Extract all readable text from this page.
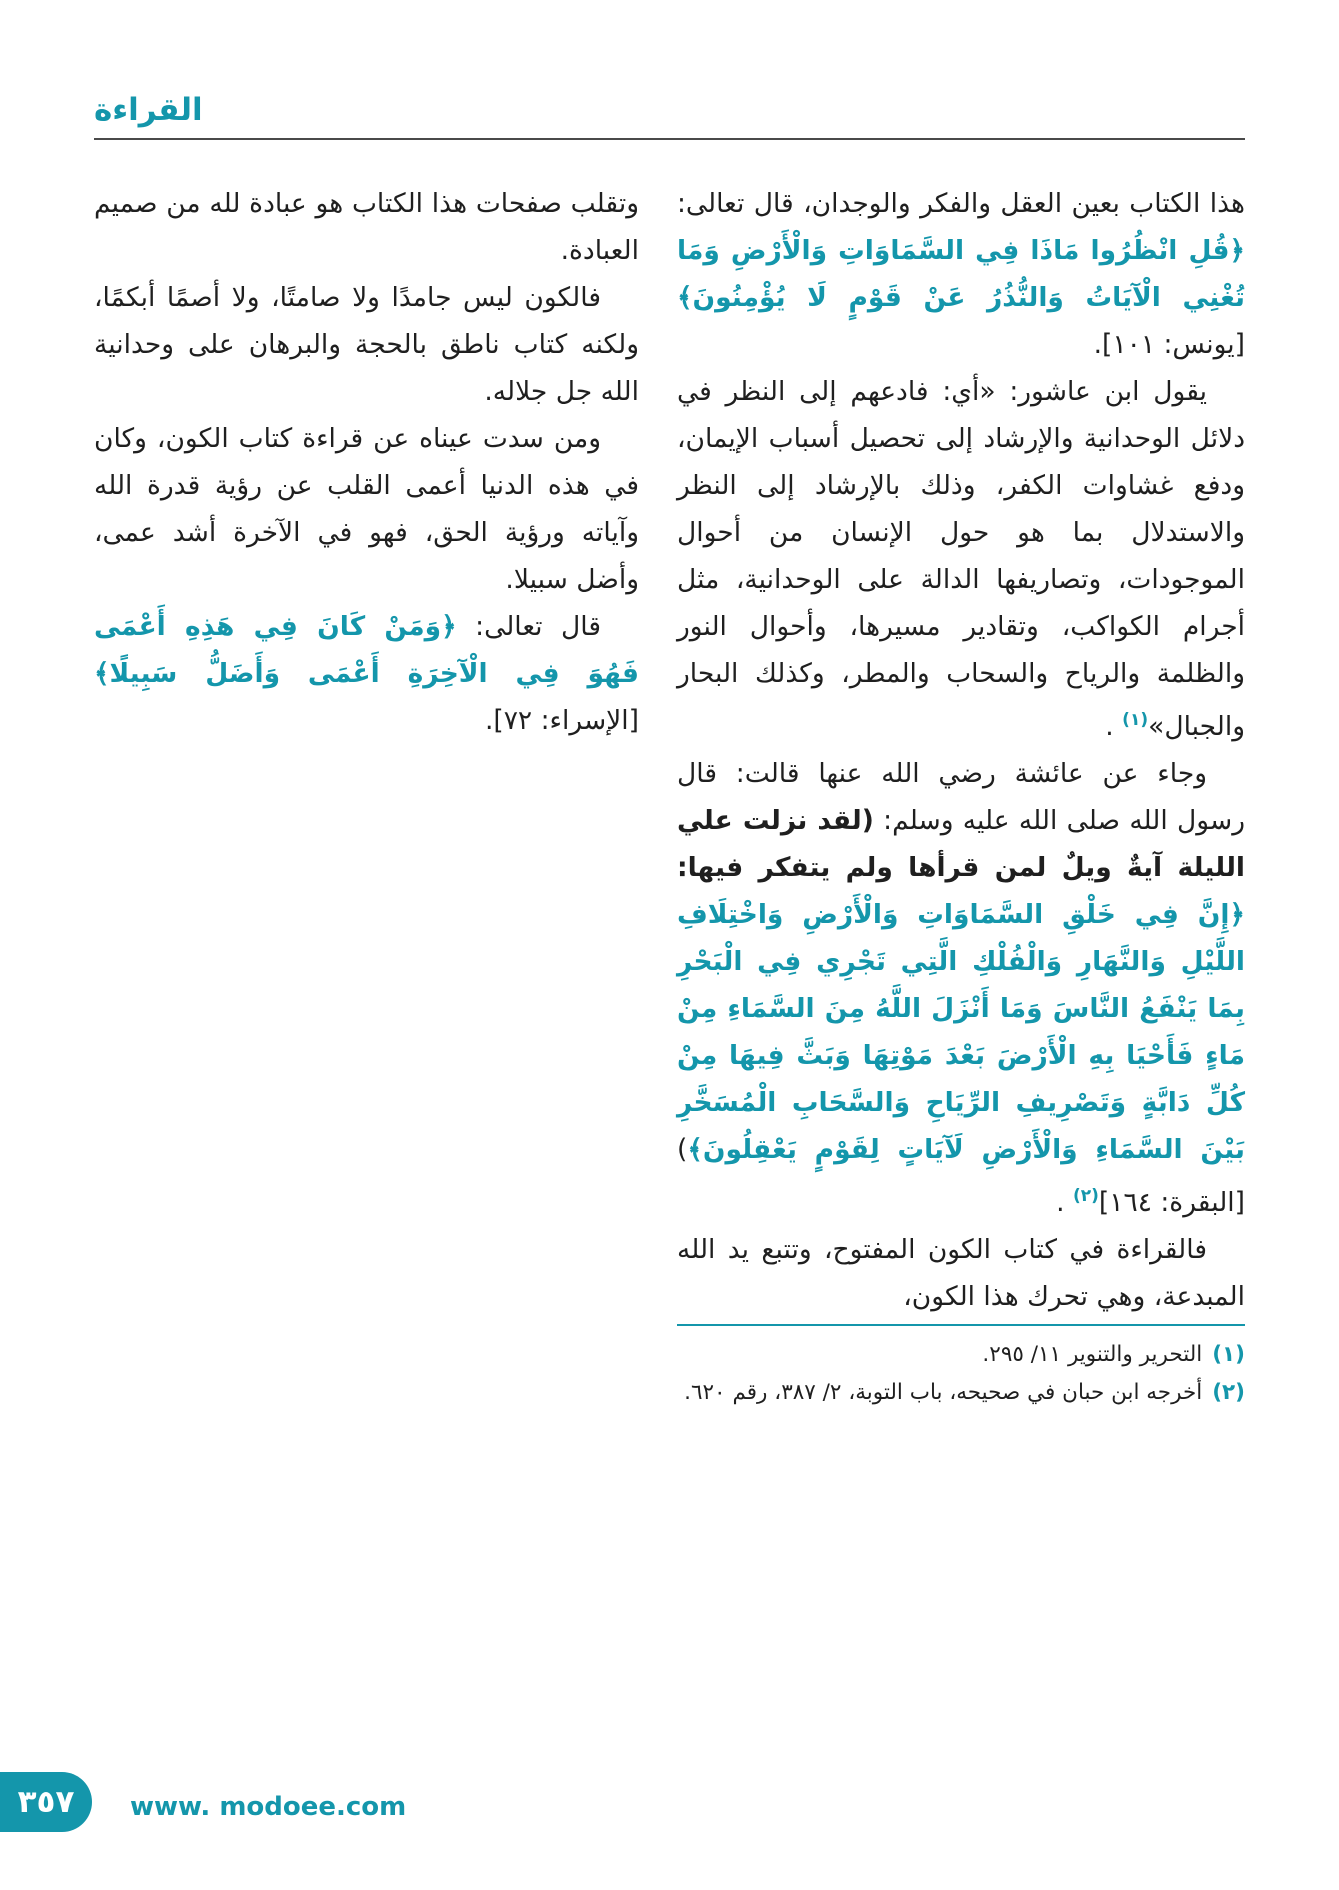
القراءة

هذا الكتاب بعين العقل والفكر والوجدان، قال تعالى: ﴿قُلِ انْظُرُوا مَاذَا فِي السَّمَاوَاتِ وَالْأَرْضِ وَمَا تُغْنِي الْآيَاتُ وَالنُّذُرُ عَنْ قَوْمٍ لَا يُؤْمِنُونَ﴾ [يونس: ١٠١].

يقول ابن عاشور: «أي: فادعهم إلى النظر في دلائل الوحدانية والإرشاد إلى تحصيل أسباب الإيمان، ودفع غشاوات الكفر، وذلك بالإرشاد إلى النظر والاستدلال بما هو حول الإنسان من أحوال الموجودات، وتصاريفها الدالة على الوحدانية، مثل أجرام الكواكب، وتقادير مسيرها، وأحوال النور والظلمة والرياح والسحاب والمطر، وكذلك البحار والجبال»$^{(١)}$ .

وجاء عن عائشة رضي الله عنها قالت: قال رسول الله صلى الله عليه وسلم: (لقد نزلت علي الليلة آيةٌ ويلٌ لمن قرأها ولم يتفكر فيها: ﴿إِنَّ فِي خَلْقِ السَّمَاوَاتِ وَالْأَرْضِ وَاخْتِلَافِ اللَّيْلِ وَالنَّهَارِ وَالْفُلْكِ الَّتِي تَجْرِي فِي الْبَحْرِ بِمَا يَنْفَعُ النَّاسَ وَمَا أَنْزَلَ اللَّهُ مِنَ السَّمَاءِ مِنْ مَاءٍ فَأَحْيَا بِهِ الْأَرْضَ بَعْدَ مَوْتِهَا وَبَثَّ فِيهَا مِنْ كُلِّ دَابَّةٍ وَتَصْرِيفِ الرِّيَاحِ وَالسَّحَابِ الْمُسَخَّرِ بَيْنَ السَّمَاءِ وَالْأَرْضِ لَآيَاتٍ لِقَوْمٍ يَعْقِلُونَ﴾) [البقرة: ١٦٤]$^{(٢)}$ .

فالقراءة في كتاب الكون المفتوح، وتتبع يد الله المبدعة، وهي تحرك هذا الكون،

(١)التحرير والتنوير ١١/ ٢٩٥.
(٢)أخرجه ابن حبان في صحيحه، باب التوبة، ٢/ ٣٨٧، رقم ٦٢٠.

وتقلب صفحات هذا الكتاب هو عبادة لله من صميم العبادة.

فالكون ليس جامدًا ولا صامتًا، ولا أصمًا أبكمًا، ولكنه كتاب ناطق بالحجة والبرهان على وحدانية الله جل جلاله.

ومن سدت عيناه عن قراءة كتاب الكون، وكان في هذه الدنيا أعمى القلب عن رؤية قدرة الله وآياته ورؤية الحق، فهو في الآخرة أشد عمى، وأضل سبيلا.

قال تعالى: ﴿وَمَنْ كَانَ فِي هَذِهِ أَعْمَى فَهُوَ فِي الْآخِرَةِ أَعْمَى وَأَضَلُّ سَبِيلًا﴾ [الإسراء: ٧٢].

٣٥٧ www. modoee.com
